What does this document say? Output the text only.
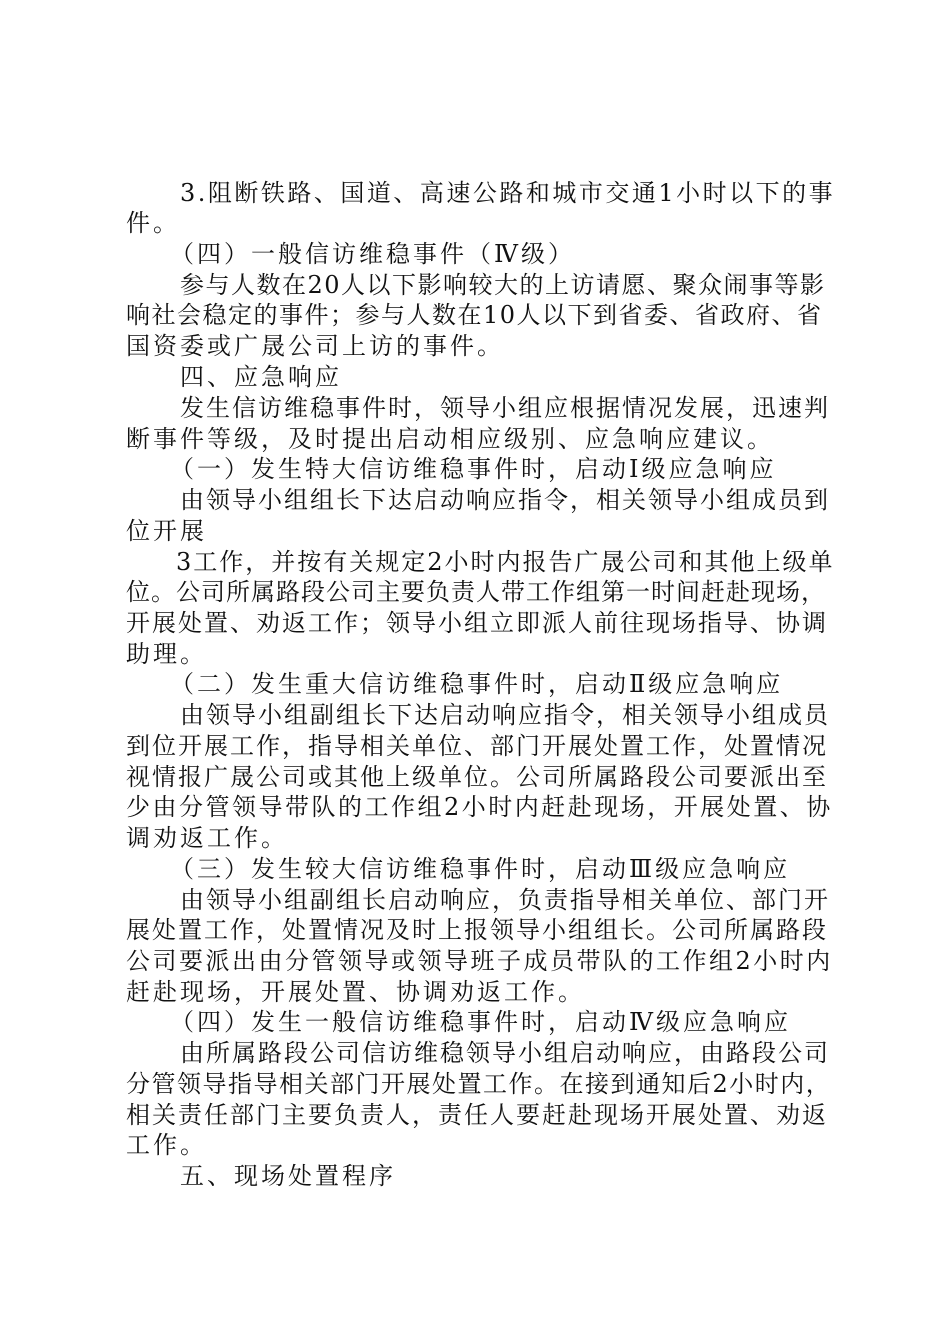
3.阻断铁路、国道、高速公路和城市交通1小时以下的事
件。
（四）一般信访维稳事件（Ⅳ级）
参与人数在20人以下影响较大的上访请愿、聚众闹事等影
响社会稳定的事件；参与人数在10人以下到省委、省政府、省
国资委或广晟公司上访的事件。
四、应急响应
发生信访维稳事件时，领导小组应根据情况发展，迅速判
断事件等级，及时提出启动相应级别、应急响应建议。
（一）发生特大信访维稳事件时，启动Ⅰ级应急响应
由领导小组组长下达启动响应指令，相关领导小组成员到
位开展
3工作，并按有关规定2小时内报告广晟公司和其他上级单
位。公司所属路段公司主要负责人带工作组第一时间赶赴现场，
开展处置、劝返工作；领导小组立即派人前往现场指导、协调
助理。
（二）发生重大信访维稳事件时，启动Ⅱ级应急响应
由领导小组副组长下达启动响应指令，相关领导小组成员
到位开展工作，指导相关单位、部门开展处置工作，处置情况
视情报广晟公司或其他上级单位。公司所属路段公司要派出至
少由分管领导带队的工作组2小时内赶赴现场，开展处置、协
调劝返工作。
（三）发生较大信访维稳事件时，启动Ⅲ级应急响应
由领导小组副组长启动响应，负责指导相关单位、部门开
展处置工作，处置情况及时上报领导小组组长。公司所属路段
公司要派出由分管领导或领导班子成员带队的工作组2小时内
赶赴现场，开展处置、协调劝返工作。
（四）发生一般信访维稳事件时，启动Ⅳ级应急响应
由所属路段公司信访维稳领导小组启动响应，由路段公司
分管领导指导相关部门开展处置工作。在接到通知后2小时内，
相关责任部门主要负责人，责任人要赶赴现场开展处置、劝返
工作。
五、现场处置程序
